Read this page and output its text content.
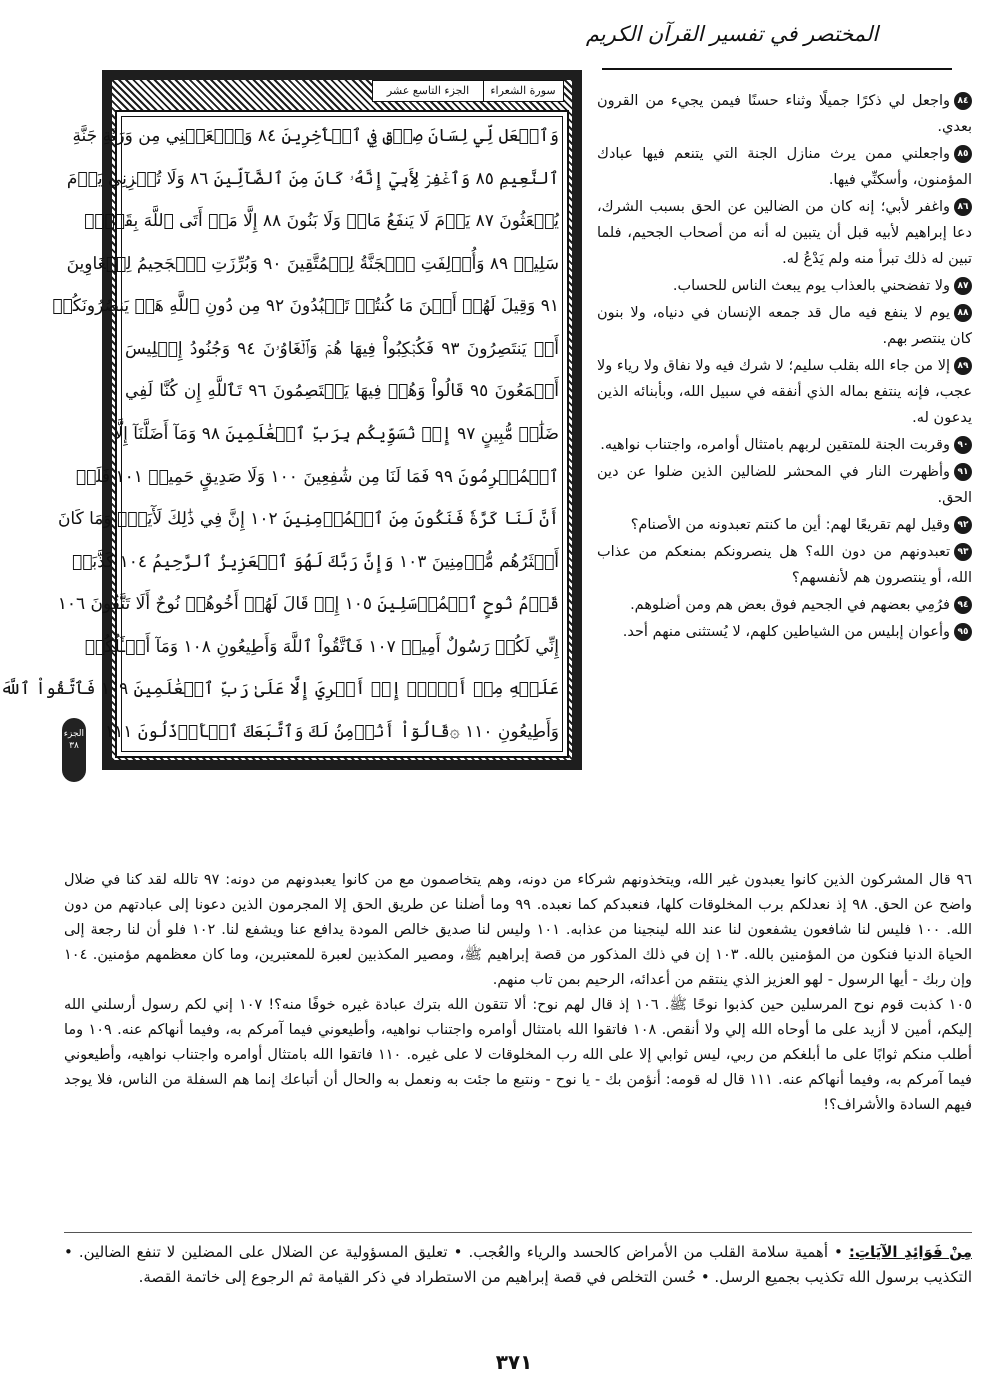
المختصر في تفسير القرآن الكريم
سورة الشعراء
الجزء التاسع عشر
وَٱجۡعَل لِّي لِسَانَ صِدۡقٖ فِي ٱلۡأٓخِرِينَ ٨٤ وَٱجۡعَلۡنِي مِن وَرَثَةِ جَنَّةِ
ٱلنَّعِيمِ ٨٥ وَٱغۡفِرۡ لِأَبِيٓ إِنَّهُۥ كَانَ مِنَ ٱلضَّآلِّينَ ٨٦ وَلَا تُخۡزِنِي يَوۡمَ
يُبۡعَثُونَ ٨٧ يَوۡمَ لَا يَنفَعُ مَالٞ وَلَا بَنُونَ ٨٨ إِلَّا مَنۡ أَتَى ٱللَّهَ بِقَلۡبٖ
سَلِيمٖ ٨٩ وَأُزۡلِفَتِ ٱلۡجَنَّةُ لِلۡمُتَّقِينَ ٩٠ وَبُرِّزَتِ ٱلۡجَحِيمُ لِلۡغَاوِينَ
٩١ وَقِيلَ لَهُمۡ أَيۡنَ مَا كُنتُمۡ تَعۡبُدُونَ ٩٢ مِن دُونِ ٱللَّهِ هَلۡ يَنصُرُونَكُمۡ
أَوۡ يَنتَصِرُونَ ٩٣ فَكُبۡكِبُواْ فِيهَا هُمۡ وَٱلۡغَاوُۥنَ ٩٤ وَجُنُودُ إِبۡلِيسَ
أَجۡمَعُونَ ٩٥ قَالُواْ وَهُمۡ فِيهَا يَخۡتَصِمُونَ ٩٦ تَٱللَّهِ إِن كُنَّا لَفِي
ضَلَٰلٖ مُّبِينٍ ٩٧ إِذۡ نُسَوِّيكُم بِرَبِّ ٱلۡعَٰلَمِينَ ٩٨ وَمَآ أَضَلَّنَآ إِلَّا
ٱلۡمُجۡرِمُونَ ٩٩ فَمَا لَنَا مِن شَٰفِعِينَ ١٠٠ وَلَا صَدِيقٍ حَمِيمٖ ١٠١ فَلَوۡ
أَنَّ لَنَا كَرَّةٗ فَنَكُونَ مِنَ ٱلۡمُؤۡمِنِينَ ١٠٢ إِنَّ فِي ذَٰلِكَ لَأٓيَةٗۖ وَمَا كَانَ
أَكۡثَرُهُم مُّؤۡمِنِينَ ١٠٣ وَإِنَّ رَبَّكَ لَهُوَ ٱلۡعَزِيزُ ٱلرَّحِيمُ ١٠٤ كَذَّبَتۡ
قَوۡمُ نُوحٍ ٱلۡمُرۡسَلِينَ ١٠٥ إِذۡ قَالَ لَهُمۡ أَخُوهُمۡ نُوحٌ أَلَا تَتَّقُونَ ١٠٦
إِنِّي لَكُمۡ رَسُولٌ أَمِينٞ ١٠٧ فَٱتَّقُواْ ٱللَّهَ وَأَطِيعُونِ ١٠٨ وَمَآ أَسۡـَٔلُكُمۡ
عَلَيۡهِ مِنۡ أَجۡرٍۖ إِنۡ أَجۡرِيَ إِلَّا عَلَىٰ رَبِّ ٱلۡعَٰلَمِينَ ١٠٩ فَٱتَّقُواْ ٱللَّهَ
وَأَطِيعُونِ ١١٠ ۞قَالُوٓاْ أَنُؤۡمِنُ لَكَ وَٱتَّبَعَكَ ٱلۡأَرۡذَلُونَ ١١١
الجزء ٣٨

٨٤واجعل لي ذكرًا جميلًا وثناء حسنًا فيمن يجيء من القرون بعدي.

٨٥واجعلني ممن يرث منازل الجنة التي يتنعم فيها عبادك المؤمنون، وأسكنِّي فيها.

٨٦واغفر لأبي؛ إنه كان من الضالين عن الحق بسبب الشرك، دعا إبراهيم لأبيه قبل أن يتبين له أنه من أصحاب الجحيم، فلما تبين له ذلك تبرأ منه ولم يَدْعُ له.

٨٧ولا تفضحني بالعذاب يوم يبعث الناس للحساب.

٨٨يوم لا ينفع فيه مال قد جمعه الإنسان في دنياه، ولا بنون كان ينتصر بهم.

٨٩إلا من جاء الله بقلب سليم؛ لا شرك فيه ولا نفاق ولا رياء ولا عجب، فإنه ينتفع بماله الذي أنفقه في سبيل الله، وبأبنائه الذين يدعون له.

٩٠وقربت الجنة للمتقين لربهم بامتثال أوامره، واجتناب نواهيه.

٩١وأظهرت النار في المحشر للضالين الذين ضلوا عن دين الحق.

٩٢وقيل لهم تقريعًا لهم: أين ما كنتم تعبدونه من الأصنام؟

٩٣تعبدونهم من دون الله؟ هل ينصرونكم بمنعكم من عذاب الله، أو ينتصرون هم لأنفسهم؟

٩٤فرُمِي بعضهم في الجحيم فوق بعض هم ومن أضلوهم.

٩٥وأعوان إبليس من الشياطين كلهم، لا يُستثنى منهم أحد.

٩٦ قال المشركون الذين كانوا يعبدون غير الله، ويتخذونهم شركاء من دونه، وهم يتخاصمون مع من كانوا يعبدونهم من دونه: ٩٧ تالله لقد كنا في ضلال واضح عن الحق. ٩٨ إذ نعدلكم برب المخلوقات كلها، فنعبدكم كما نعبده. ٩٩ وما أضلنا عن طريق الحق إلا المجرمون الذين دعونا إلى عبادتهم من دون الله. ١٠٠ فليس لنا شافعون يشفعون لنا عند الله لينجينا من عذابه. ١٠١ وليس لنا صديق خالص المودة يدافع عنا ويشفع لنا. ١٠٢ فلو أن لنا رجعة إلى الحياة الدنيا فنكون من المؤمنين بالله. ١٠٣ إن في ذلك المذكور من قصة إبراهيم ﷺ، ومصير المكذبين لعبرة للمعتبرين، وما كان معظمهم مؤمنين. ١٠٤ وإن ربك - أيها الرسول - لهو العزيز الذي ينتقم من أعدائه، الرحيم بمن تاب منهم.

١٠٥ كذبت قوم نوح المرسلين حين كذبوا نوحًا ﷺ. ١٠٦ إذ قال لهم نوح: ألا تتقون الله بترك عبادة غيره خوفًا منه؟! ١٠٧ إني لكم رسول أرسلني الله إليكم، أمين لا أزيد على ما أوحاه الله إلي ولا أنقص. ١٠٨ فاتقوا الله بامتثال أوامره واجتناب نواهيه، وأطيعوني فيما آمركم به، وفيما أنهاكم عنه. ١٠٩ وما أطلب منكم ثوابًا على ما أبلغكم من ربي، ليس ثوابي إلا على الله رب المخلوقات لا على غيره. ١١٠ فاتقوا الله بامتثال أوامره واجتناب نواهيه، وأطيعوني فيما آمركم به، وفيما أنهاكم عنه. ١١١ قال له قومه: أنؤمن بك - يا نوح - ونتبع ما جئت به ونعمل به والحال أن أتباعك إنما هم السفلة من الناس، فلا يوجد فيهم السادة والأشراف؟!

مِنْ فَوَائِدِ الآيَاتِ: • أهمية سلامة القلب من الأمراض كالحسد والرياء والعُجب. • تعليق المسؤولية عن الضلال على المضلين لا تنفع الضالين. • التكذيب برسول الله تكذيب بجميع الرسل. • حُسن التخلص في قصة إبراهيم من الاستطراد في ذكر القيامة ثم الرجوع إلى خاتمة القصة.
٣٧١
